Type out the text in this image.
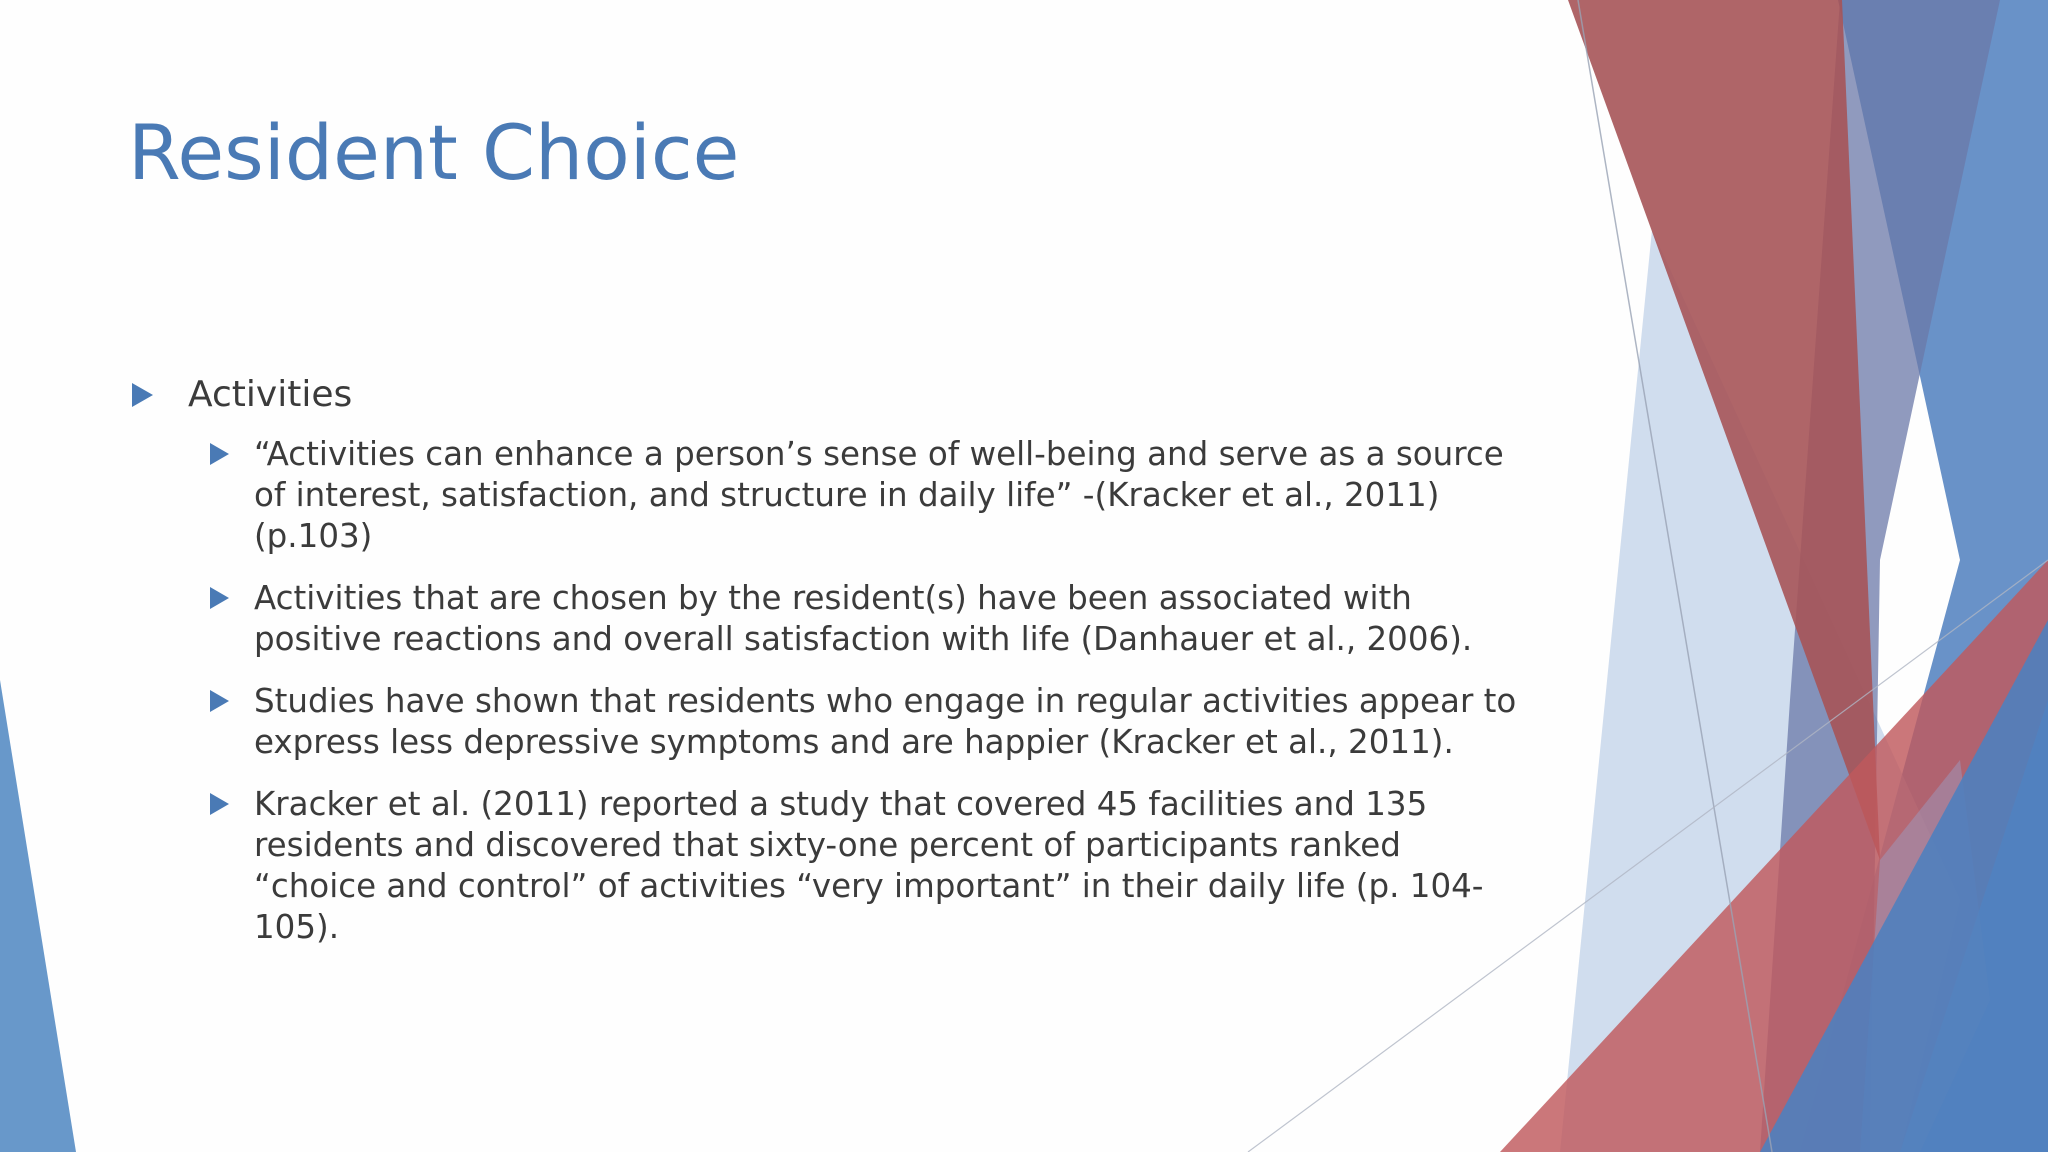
Resident Choice
Activities
“Activities can enhance a person’s sense of well-being and serve as a source of interest, satisfaction, and structure in daily life” -(Kracker et al., 2011)(p.103)
Activities that are chosen by the resident(s) have been associated with positive reactions and overall satisfaction with life (Danhauer et al., 2006).
Studies have shown that residents who engage in regular activities appear to express less depressive symptoms and are happier (Kracker et al., 2011).
Kracker et al. (2011) reported a study that covered 45 facilities and 135 residents and discovered that sixty-one percent of participants ranked “choice and control” of activities “very important” in their daily life (p. 104-105).
